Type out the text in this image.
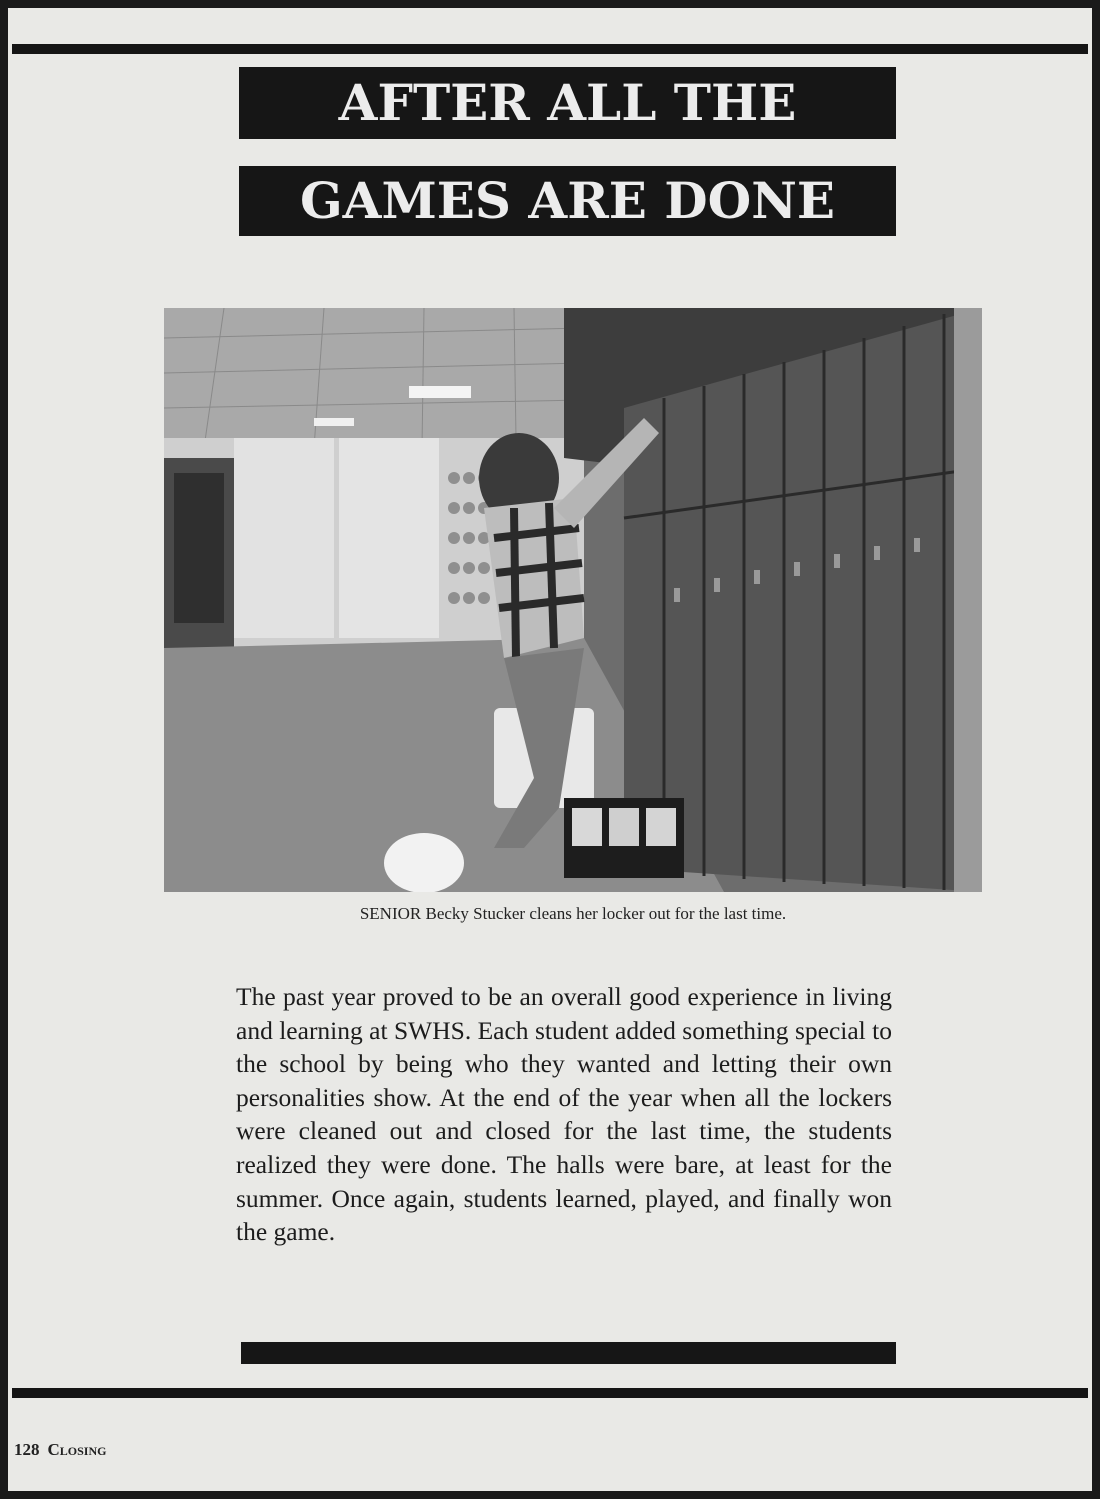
AFTER ALL THE
GAMES ARE DONE
SENIOR Becky Stucker cleans her locker out for the last time.
The past year proved to be an overall good experience in living and learning at SWHS. Each student added something special to the school by being who they wanted and letting their own personalities show. At the end of the year when all the lockers were cleaned out and closed for the last time, the students realized they were done. The halls were bare, at least for the summer. Once again, students learned, played, and finally won the game.
128 Closing
